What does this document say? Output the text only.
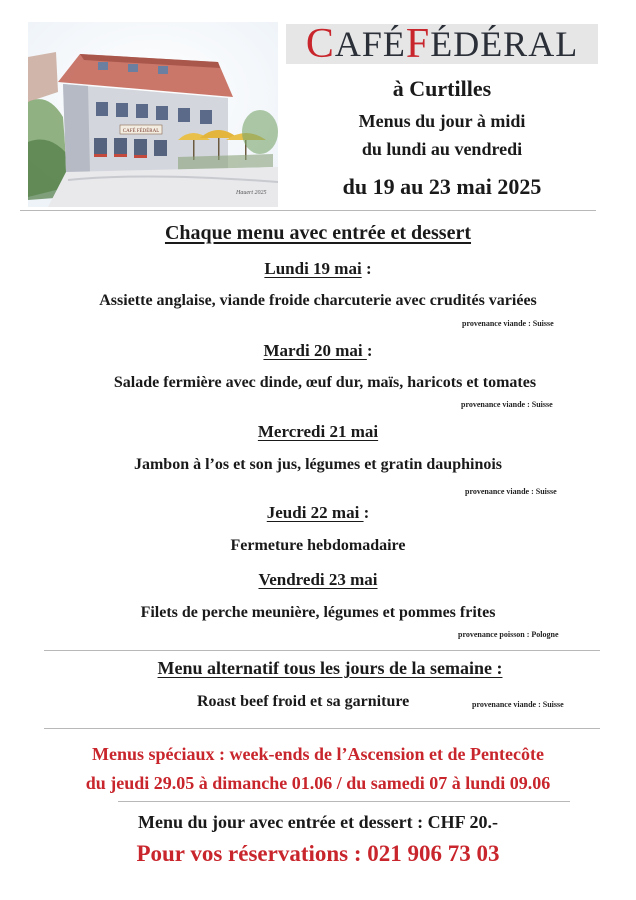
CAFÉ FÉDÉRAL
Hauert 2025
C AFÉ F ÉDÉRAL
à Curtilles
Menus du jour à midi
du lundi au vendredi
du 19 au 23 mai 2025
Chaque menu avec entrée et dessert
Lundi 19 mai :
Assiette anglaise, viande froide charcuterie avec crudités variées
provenance viande : Suisse
Mardi 20 mai :
Salade fermière avec dinde, œuf dur, maïs, haricots et tomates
provenance viande : Suisse
Mercredi 21 mai
Jambon à l’os et son jus, légumes et gratin dauphinois
provenance viande : Suisse
Jeudi 22 mai :
Fermeture hebdomadaire
Vendredi 23 mai
Filets de perche meunière, légumes et pommes frites
provenance poisson : Pologne
Menu alternatif tous les jours de la semaine :
Roast beef froid et sa garniture	provenance viande : Suisse
Menus spéciaux : week-ends de l’Ascension et de Pentecôte
du jeudi 29.05 à dimanche 01.06 / du samedi 07 à lundi 09.06
Menu du jour avec entrée et dessert : CHF 20.-
Pour vos réservations : 021 906 73 03
